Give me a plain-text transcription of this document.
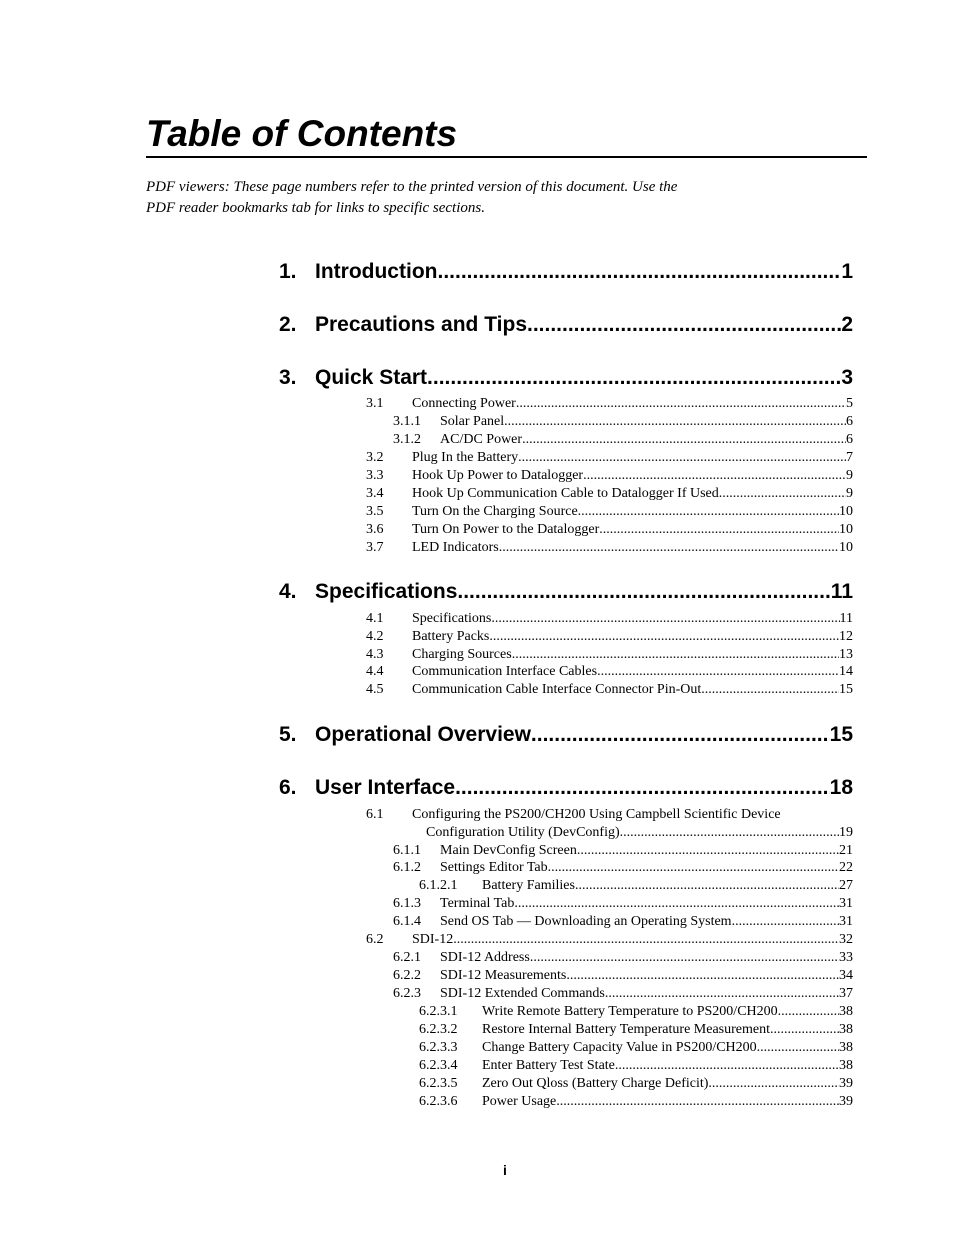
Table of Contents
PDF viewers: These page numbers refer to the printed version of this document. Use the
PDF reader bookmarks tab for links to specific sections.
1. Introduction .....	1
2. Precautions and Tips .....	2
3. Quick Start .....	3
3.1	Connecting Power .....	5
3.1.1	Solar Panel .....	6
3.1.2	AC/DC Power .....	6
3.2	Plug In the Battery .....	7
3.3	Hook Up Power to Datalogger .....	9
3.4	Hook Up Communication Cable to Datalogger If Used .....	9
3.5	Turn On the Charging Source .....	10
3.6	Turn On Power to the Datalogger .....	10
3.7	LED Indicators .....	10
4. Specifications .....	11
4.1	Specifications .....	11
4.2	Battery Packs .....	12
4.3	Charging Sources .....	13
4.4	Communication Interface Cables .....	14
4.5	Communication Cable Interface Connector Pin-Out .....	15
5. Operational Overview .....	15
6. User Interface .....	18
6.1	Configuring the PS200/CH200 Using Campbell Scientific Device
Configuration Utility (DevConfig) .....	19
6.1.1	Main DevConfig Screen .....	21
6.1.2	Settings Editor Tab .....	22
6.1.2.1	Battery Families .....	27
6.1.3	Terminal Tab .....	31
6.1.4	Send OS Tab — Downloading an Operating System .....	31
6.2	SDI-12 .....	32
6.2.1	SDI-12 Address .....	33
6.2.2	SDI-12 Measurements .....	34
6.2.3	SDI-12 Extended Commands .....	37
6.2.3.1	Write Remote Battery Temperature to PS200/CH200 .....	38
6.2.3.2	Restore Internal Battery Temperature Measurement .....	38
6.2.3.3	Change Battery Capacity Value in PS200/CH200 .....	38
6.2.3.4	Enter Battery Test State .....	38
6.2.3.5	Zero Out Qloss (Battery Charge Deficit) .....	39
6.2.3.6	Power Usage .....	39
i
